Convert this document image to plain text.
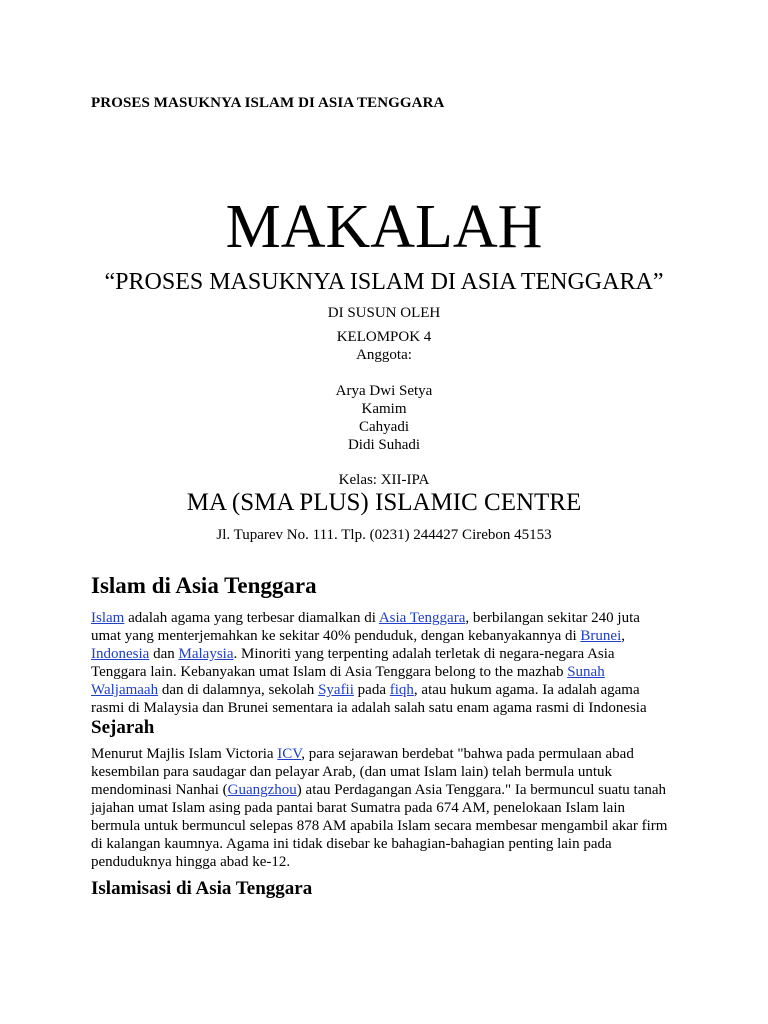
PROSES MASUKNYA ISLAM DI ASIA TENGGARA
MAKALAH
“PROSES MASUKNYA ISLAM DI ASIA TENGGARA”
DI SUSUN OLEH
KELOMPOK 4
Anggota:
Arya Dwi Setya
Kamim
Cahyadi
Didi Suhadi
Kelas: XII-IPA
MA (SMA PLUS) ISLAMIC CENTRE
Jl. Tuparev No. 111. Tlp. (0231) 244427 Cirebon 45153
Islam di Asia Tenggara

Islam adalah agama yang terbesar diamalkan di Asia Tenggara, berbilangan sekitar 240 juta umat yang menterjemahkan ke sekitar 40% penduduk, dengan kebanyakannya di Brunei, Indonesia dan Malaysia. Minoriti yang terpenting adalah terletak di negara-negara Asia Tenggara lain. Kebanyakan umat Islam di Asia Tenggara belong to the mazhab Sunah Waljamaah dan di dalamnya, sekolah Syafii pada fiqh, atau hukum agama. Ia adalah agama rasmi di Malaysia dan Brunei sementara ia adalah salah satu enam agama rasmi di Indonesia

Sejarah

Menurut Majlis Islam Victoria ICV, para sejarawan berdebat "bahwa pada permulaan abad kesembilan para saudagar dan pelayar Arab, (dan umat Islam lain) telah bermula untuk mendominasi Nanhai (Guangzhou) atau Perdagangan Asia Tenggara." Ia bermuncul suatu tanah jajahan umat Islam asing pada pantai barat Sumatra pada 674 AM, penelokaan Islam lain bermula untuk bermuncul selepas 878 AM apabila Islam secara membesar mengambil akar firm di kalangan kaumnya. Agama ini tidak disebar ke bahagian-bahagian penting lain pada penduduknya hingga abad ke-12.

Islamisasi di Asia Tenggara
